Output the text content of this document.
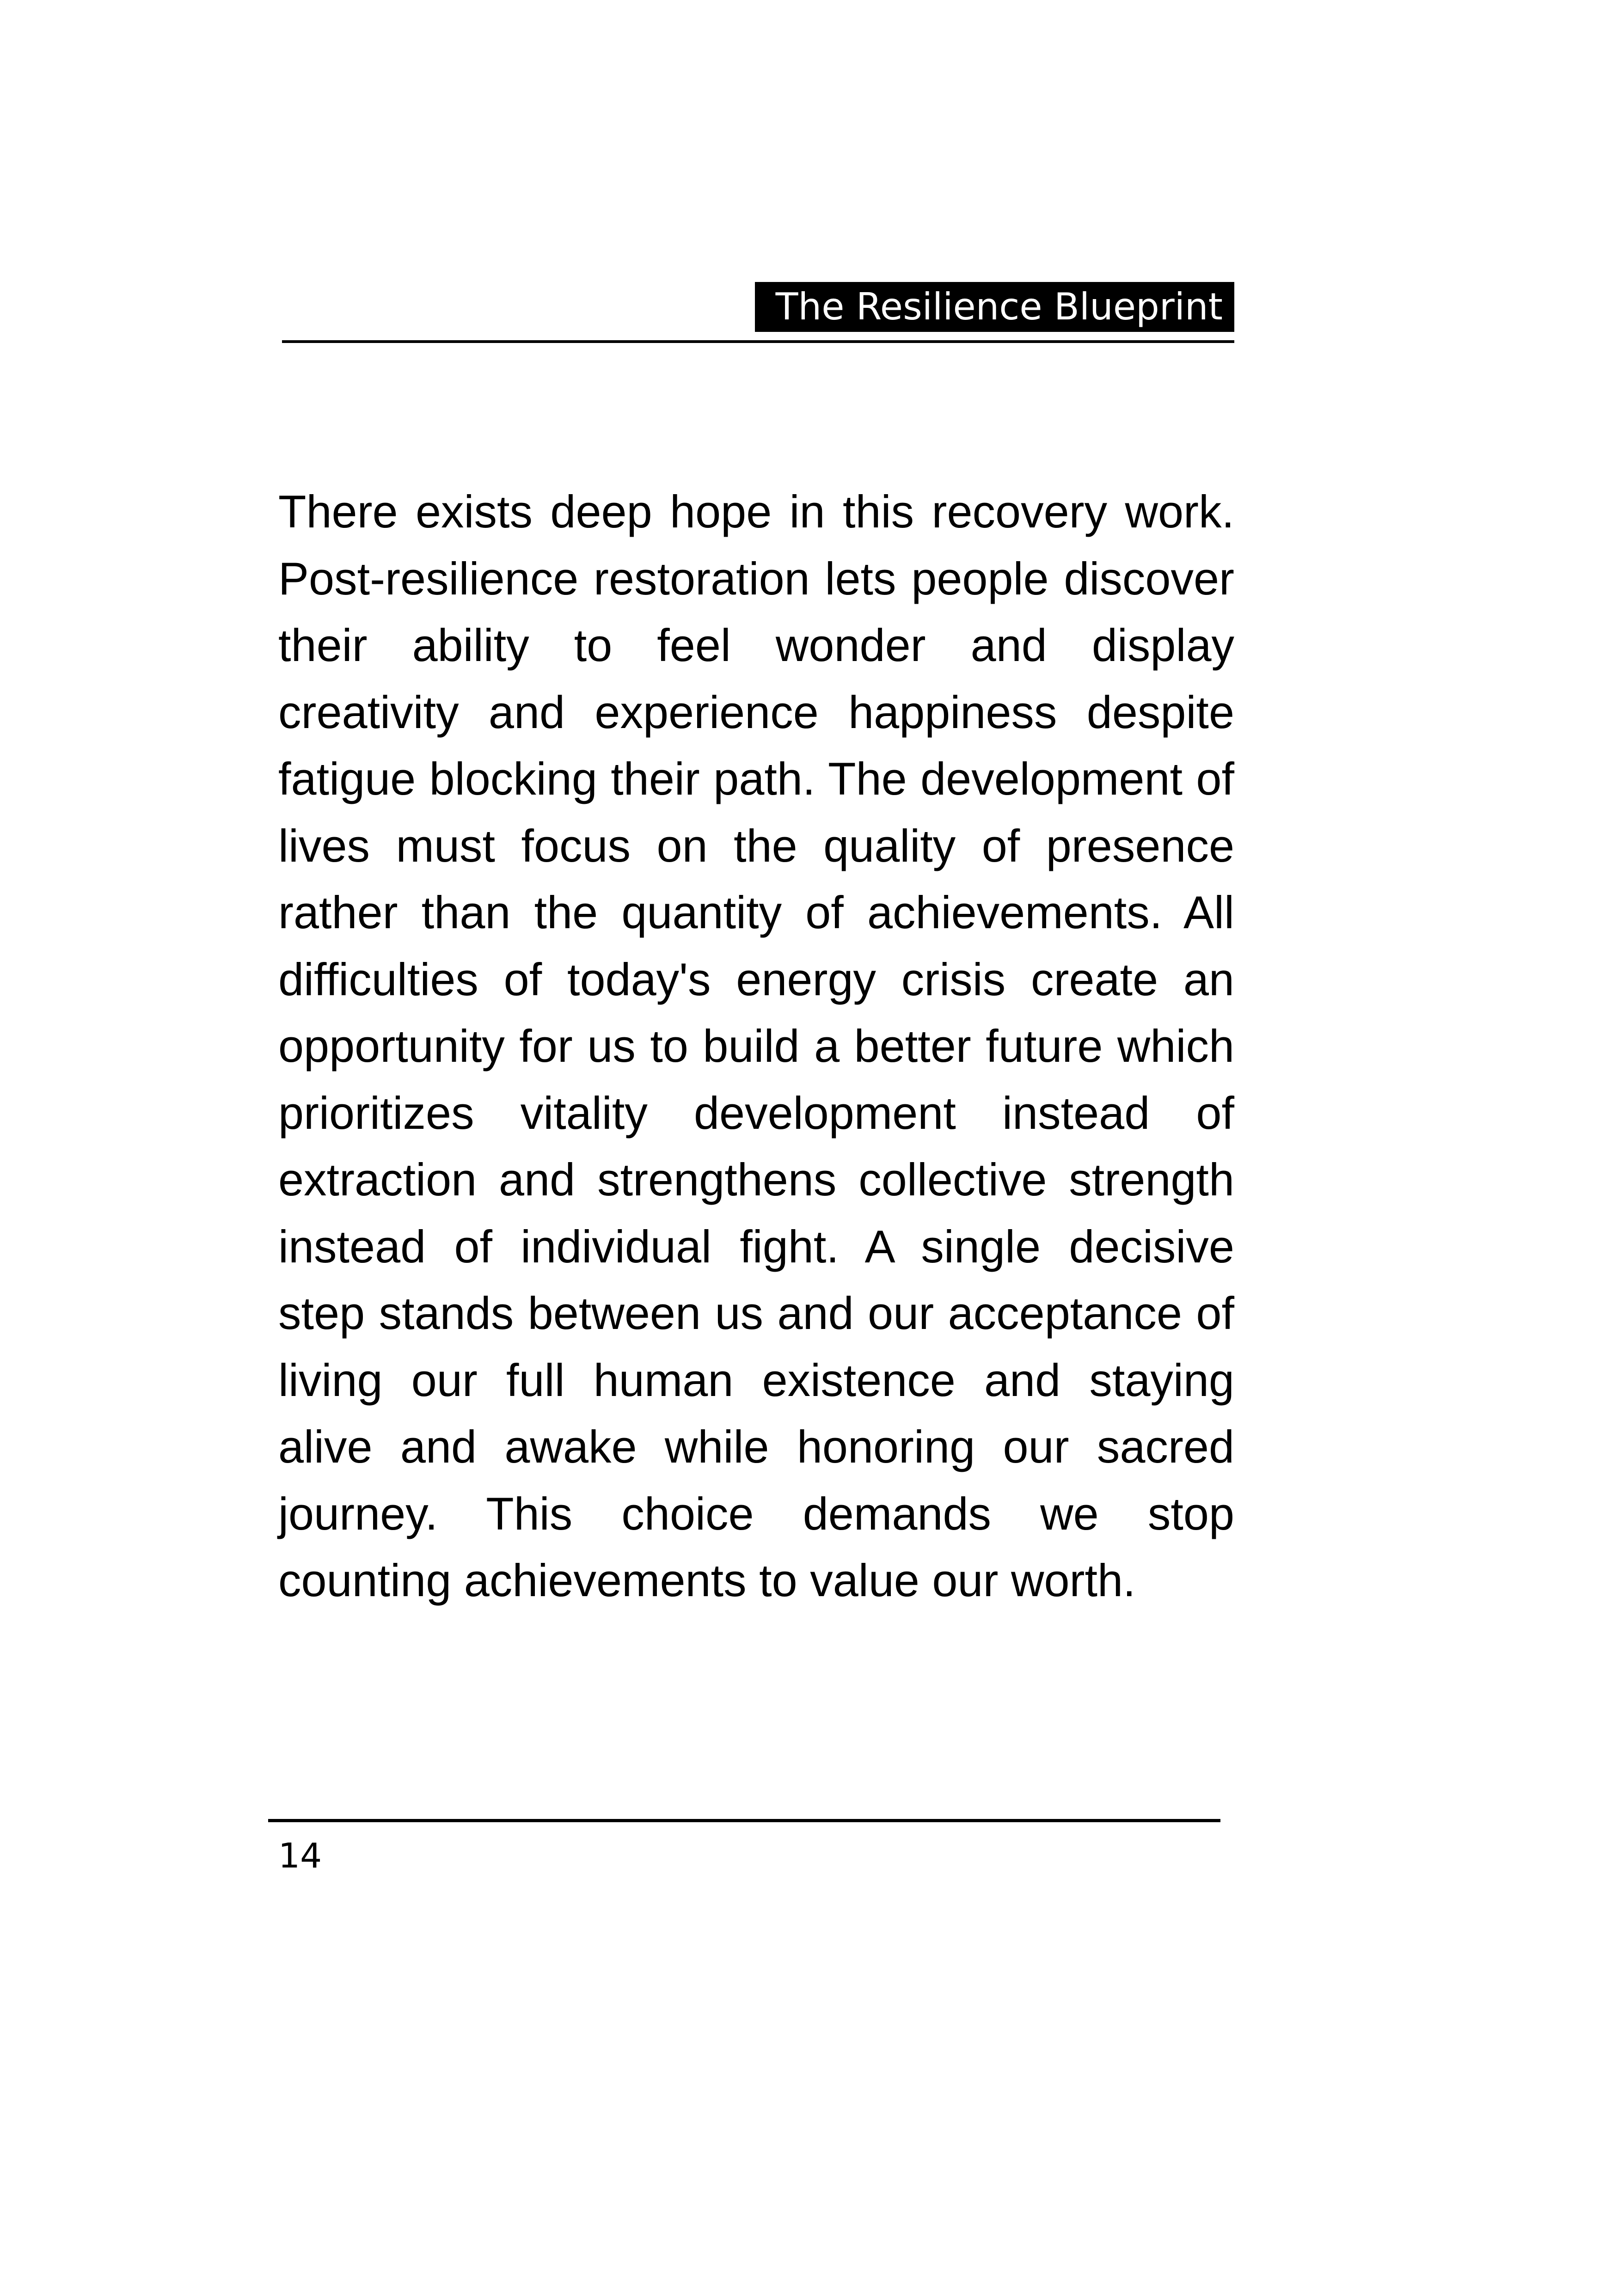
The Resilience Blueprint

There exists deep hope in this recovery work. Post-resilience restoration lets people discover their ability to feel wonder and display creativity and experience happiness despite fatigue blocking their path. The development of lives must focus on the quality of presence rather than the quantity of achievements. All difficulties of today's energy crisis create an opportunity for us to build a better future which prioritizes vitality development instead of extraction and strengthens collective strength instead of individual fight. A single decisive step stands between us and our acceptance of living our full human existence and staying alive and awake while honoring our sacred journey. This choice demands we stop counting achievements to value our worth.

14
